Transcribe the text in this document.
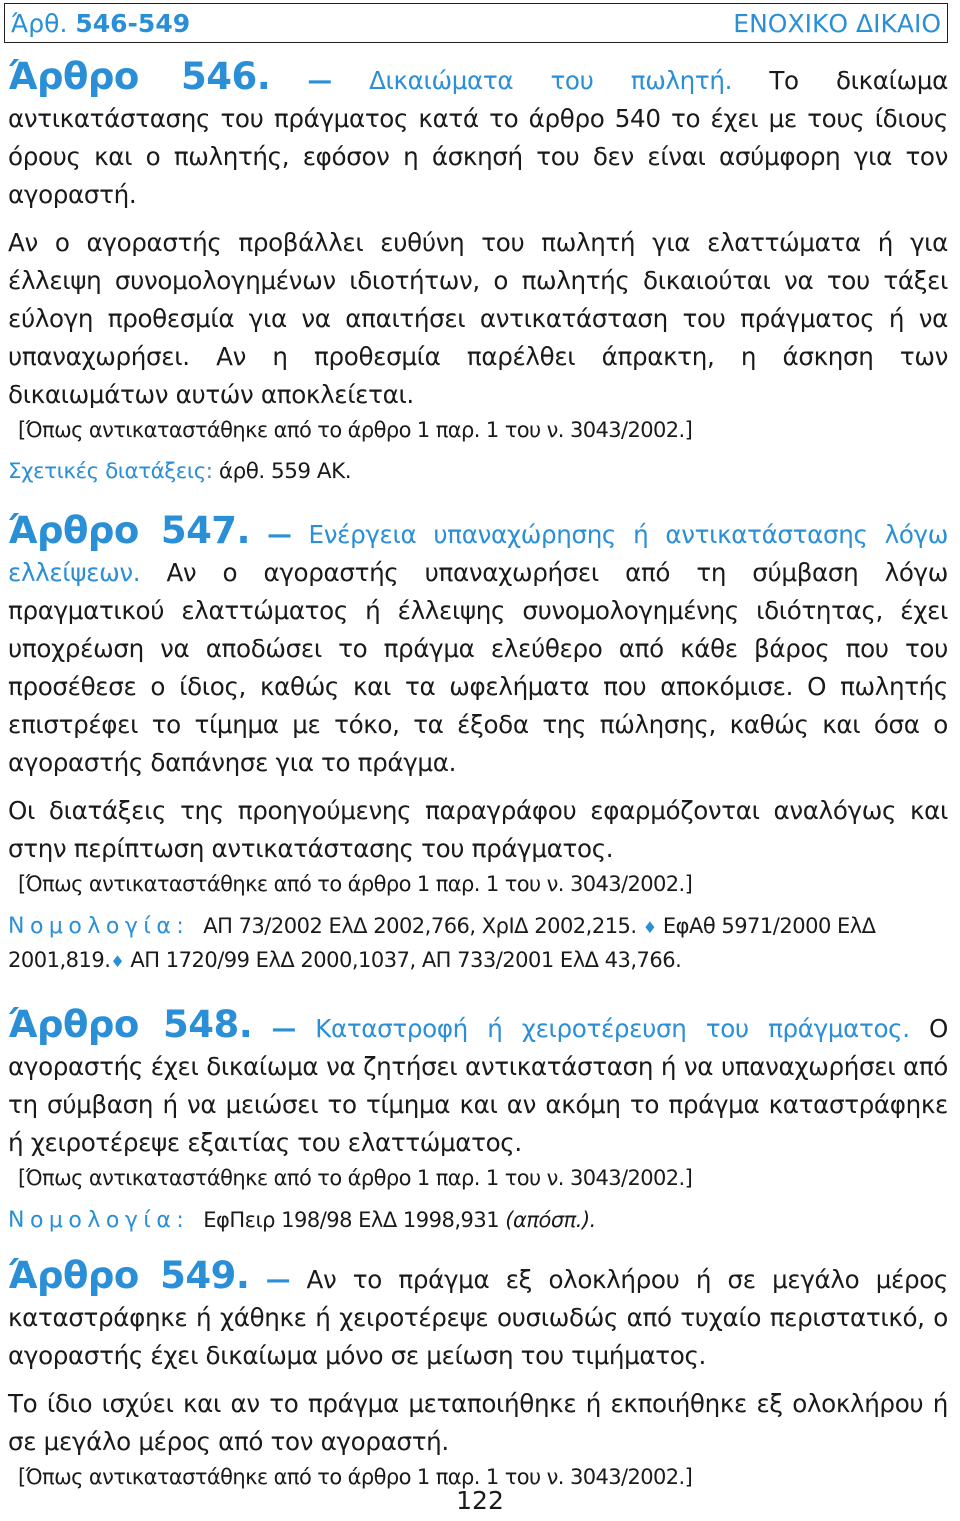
Άρθ. 546-549	ΕΝΟΧΙΚΟ ΔΙΚΑΙΟ

Άρθρο 546. — Δικαιώματα του πωλητή. Το δικαίωμα αντικατάστασης του πράγματος κατά το άρθρο 540 το έχει με τους ίδιους όρους και ο πωλητής, εφόσον η άσκησή του δεν είναι ασύμφορη για τον αγοραστή.

Αν ο αγοραστής προβάλλει ευθύνη του πωλητή για ελαττώματα ή για έλλειψη συνομολογημένων ιδιοτήτων, ο πωλητής δικαιούται να του τάξει εύλογη προθεσμία για να απαιτήσει αντικατάσταση του πράγματος ή να υπαναχωρήσει. Αν η προθεσμία παρέλθει άπρακτη, η άσκηση των δικαιωμάτων αυτών αποκλείεται.

[Όπως αντικαταστάθηκε από το άρθρο 1 παρ. 1 του ν. 3043/2002.]

Σχετικές διατάξεις: άρθ. 559 ΑΚ.

Άρθρο 547. — Ενέργεια υπαναχώρησης ή αντικατάστασης λόγω ελλείψεων. Αν ο αγοραστής υπαναχωρήσει από τη σύμβαση λόγω πραγματικού ελαττώματος ή έλλειψης συνομολογημένης ιδιότητας, έχει υποχρέωση να αποδώσει το πράγμα ελεύθερο από κάθε βάρος που του προσέθεσε ο ίδιος, καθώς και τα ωφελήματα που αποκόμισε. Ο πωλητής επιστρέφει το τίμημα με τόκο, τα έξοδα της πώλησης, καθώς και όσα ο αγοραστής δαπάνησε για το πράγμα.

Οι διατάξεις της προηγούμενης παραγράφου εφαρμόζονται αναλόγως και στην περίπτωση αντικατάστασης του πράγματος.

[Όπως αντικαταστάθηκε από το άρθρο 1 παρ. 1 του ν. 3043/2002.]

Νομολογία: ΑΠ 73/2002 ΕλΔ 2002,766, ΧρΙΔ 2002,215. ♦ ΕφΑθ 5971/2000 ΕλΔ 2001,819.♦ ΑΠ 1720/99 ΕλΔ 2000,1037, ΑΠ 733/2001 ΕλΔ 43,766.

Άρθρο 548. — Καταστροφή ή χειροτέρευση του πράγματος. Ο αγοραστής έχει δικαίωμα να ζητήσει αντικατάσταση ή να υπαναχωρήσει από τη σύμβαση ή να μειώσει το τίμημα και αν ακόμη το πράγμα καταστράφηκε ή χειροτέρεψε εξαιτίας του ελαττώματος.

[Όπως αντικαταστάθηκε από το άρθρο 1 παρ. 1 του ν. 3043/2002.]

Νομολογία: ΕφΠειρ 198/98 ΕλΔ 1998,931 (απόσπ.).

Άρθρο 549. — Αν το πράγμα εξ ολοκλήρου ή σε μεγάλο μέρος καταστράφηκε ή χάθηκε ή χειροτέρεψε ουσιωδώς από τυχαίο περιστατικό, ο αγοραστής έχει δικαίωμα μόνο σε μείωση του τιμήματος.

Το ίδιο ισχύει και αν το πράγμα μεταποιήθηκε ή εκποιήθηκε εξ ολοκλήρου ή σε μεγάλο μέρος από τον αγοραστή.

[Όπως αντικαταστάθηκε από το άρθρο 1 παρ. 1 του ν. 3043/2002.]

122
